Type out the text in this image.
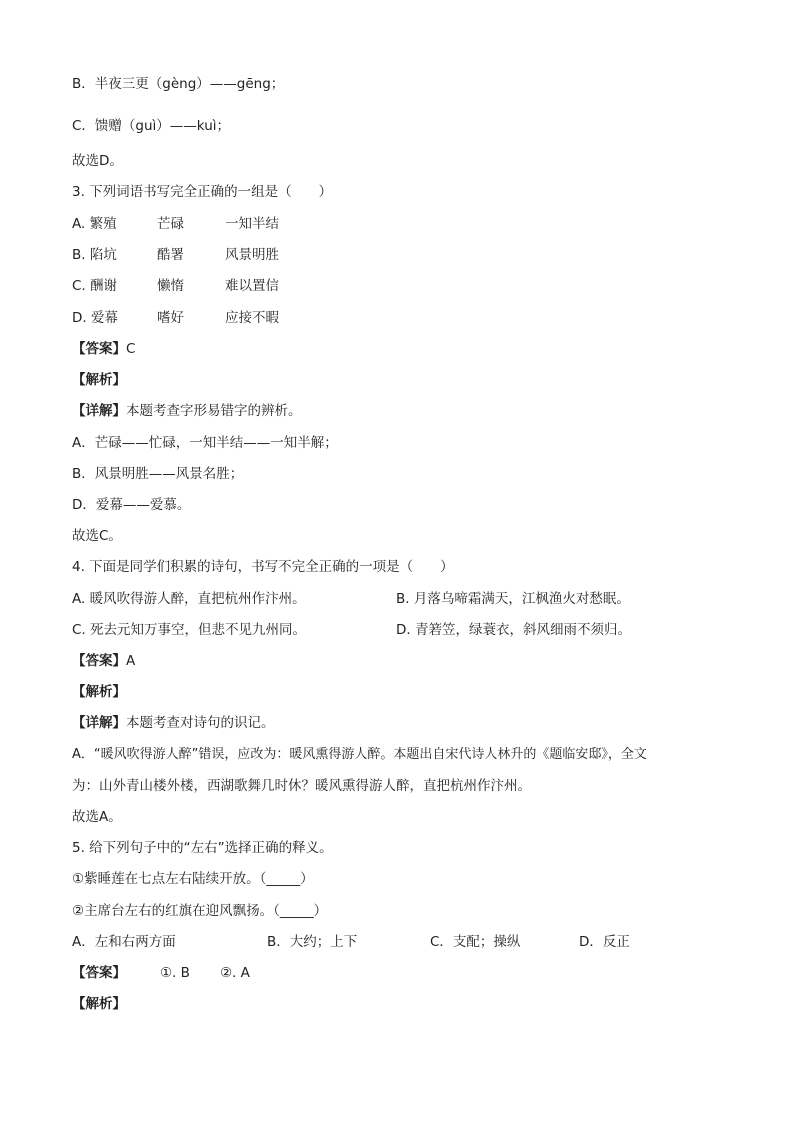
B．半夜三更（gèng）——gēng；
C．馈赠（guì）——kuì；
故选D。
3. 下列词语书写完全正确的一组是（　　）
A. 繁殖	芒碌	一知半结
B. 陷坑	酷署	风景明胜
C. 酬谢	懒惰	难以置信
D. 爱幕	嗜好	应接不暇
【答案】C
【解析】
【详解】本题考查字形易错字的辨析。
A．芒碌——忙碌，一知半结——一知半解；
B．风景明胜——风景名胜；
D．爱幕——爱慕。
故选C。
4. 下面是同学们积累的诗句，书写不完全正确的一项是（　　）
A. 暖风吹得游人醉，直把杭州作汴州。	B. 月落乌啼霜满天，江枫渔火对愁眠。
C. 死去元知万事空，但悲不见九州同。	D. 青箬笠，绿蓑衣，斜风细雨不须归。
【答案】A
【解析】
【详解】本题考查对诗句的识记。
A．“暖风吹得游人醉”错误，应改为：暖风熏得游人醉。本题出自宋代诗人林升的《题临安邸》，全文
为：山外青山楼外楼，西湖歌舞几时休？暖风熏得游人醉，直把杭州作汴州。
故选A。
5. 给下列句子中的“左右”选择正确的释义。
①紫睡莲在七点左右陆续开放。（_____）
②主席台左右的红旗在迎风飘扬。（_____）
A．左和右两方面	B．大约；上下	C．支配；操纵	D．反正
【答案】	①. B ②. A
【解析】
